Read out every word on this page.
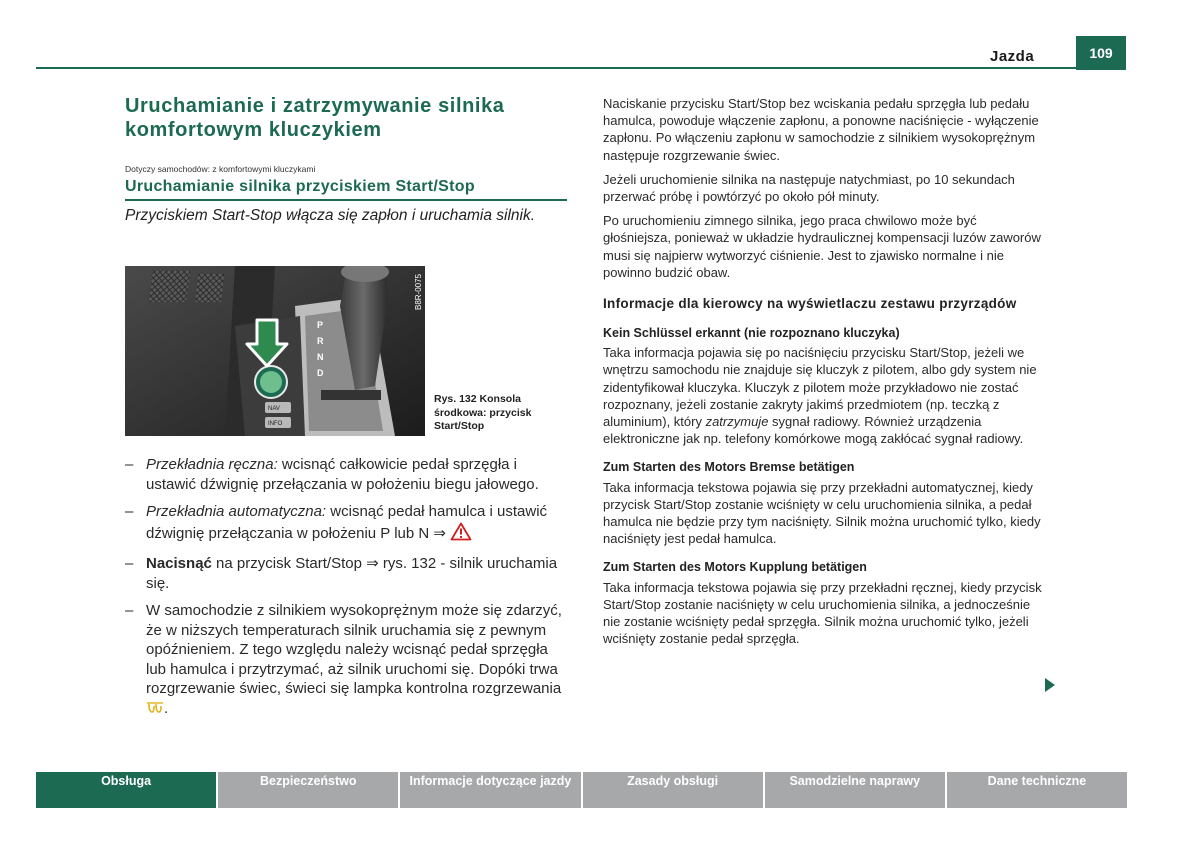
Jazda	109
Uruchamianie i zatrzymywanie silnika komfortowym kluczykiem
Dotyczy samochodów: z komfortowymi kluczykami
Uruchamianie silnika przyciskiem Start/Stop
Przyciskiem Start-Stop włącza się zapłon i uruchamia silnik.
P
R
N
D
NAV
INFO
B8R-0075
Rys. 132 Konsola środkowa: przycisk Start/Stop
– Przekładnia ręczna: wcisnąć całkowicie pedał sprzęgła i ustawić dźwignię przełączania w położeniu biegu jałowego.
– Przekładnia automatyczna: wcisnąć pedał hamulca i ustawić dźwignię przełączania w położeniu P lub N ⇒
– Nacisnąć na przycisk Start/Stop ⇒ rys. 132 - silnik uruchamia się.
– W samochodzie z silnikiem wysokoprężnym może się zdarzyć, że w niższych temperaturach silnik uruchamia się z pewnym opóźnieniem. Z tego względu należy wcisnąć pedał sprzęgła lub hamulca i przytrzymać, aż silnik uruchomi się. Dopóki trwa rozgrzewanie świec, świeci się lampka kontrolna rozgrzewania .

Naciskanie przycisku Start/Stop bez wciskania pedału sprzęgła lub pedału hamulca, powoduje włączenie zapłonu, a ponowne naciśnięcie - wyłączenie zapłonu. Po włączeniu zapłonu w samochodzie z silnikiem wysokoprężnym następuje rozgrzewanie świec.

Jeżeli uruchomienie silnika na następuje natychmiast, po 10 sekundach przerwać próbę i powtórzyć po około pół minuty.

Po uruchomieniu zimnego silnika, jego praca chwilowo może być głośniejsza, ponieważ w układzie hydraulicznej kompensacji luzów zaworów musi się najpierw wytworzyć ciśnienie. Jest to zjawisko normalne i nie powinno budzić obaw.

Informacje dla kierowcy na wyświetlaczu zestawu przyrządów
Kein Schlüssel erkannt (nie rozpoznano kluczyka)

Taka informacja pojawia się po naciśnięciu przycisku Start/Stop, jeżeli we wnętrzu samochodu nie znajduje się kluczyk z pilotem, albo gdy system nie zidentyfikował kluczyka. Kluczyk z pilotem może przykładowo nie zostać rozpoznany, jeżeli zostanie zakryty jakimś przedmiotem (np. teczką z aluminium), który zatrzymuje sygnał radiowy. Również urządzenia elektroniczne jak np. telefony komórkowe mogą zakłócać sygnał radiowy.

Zum Starten des Motors Bremse betätigen

Taka informacja tekstowa pojawia się przy przekładni automatycznej, kiedy przycisk Start/Stop zostanie wciśnięty w celu uruchomienia silnika, a pedał hamulca nie będzie przy tym naciśnięty. Silnik można uruchomić tylko, kiedy naciśnięty jest pedał hamulca.

Zum Starten des Motors Kupplung betätigen

Taka informacja tekstowa pojawia się przy przekładni ręcznej, kiedy przycisk Start/Stop zostanie naciśnięty w celu uruchomienia silnika, a jednocześnie nie zostanie wciśnięty pedał sprzęgła. Silnik można uruchomić tylko, jeżeli wciśnięty zostanie pedał sprzęgła.

Obsługa	Bezpieczeństwo	Informacje dotyczące jazdy	Zasady obsługi	Samodzielne naprawy	Dane techniczne
